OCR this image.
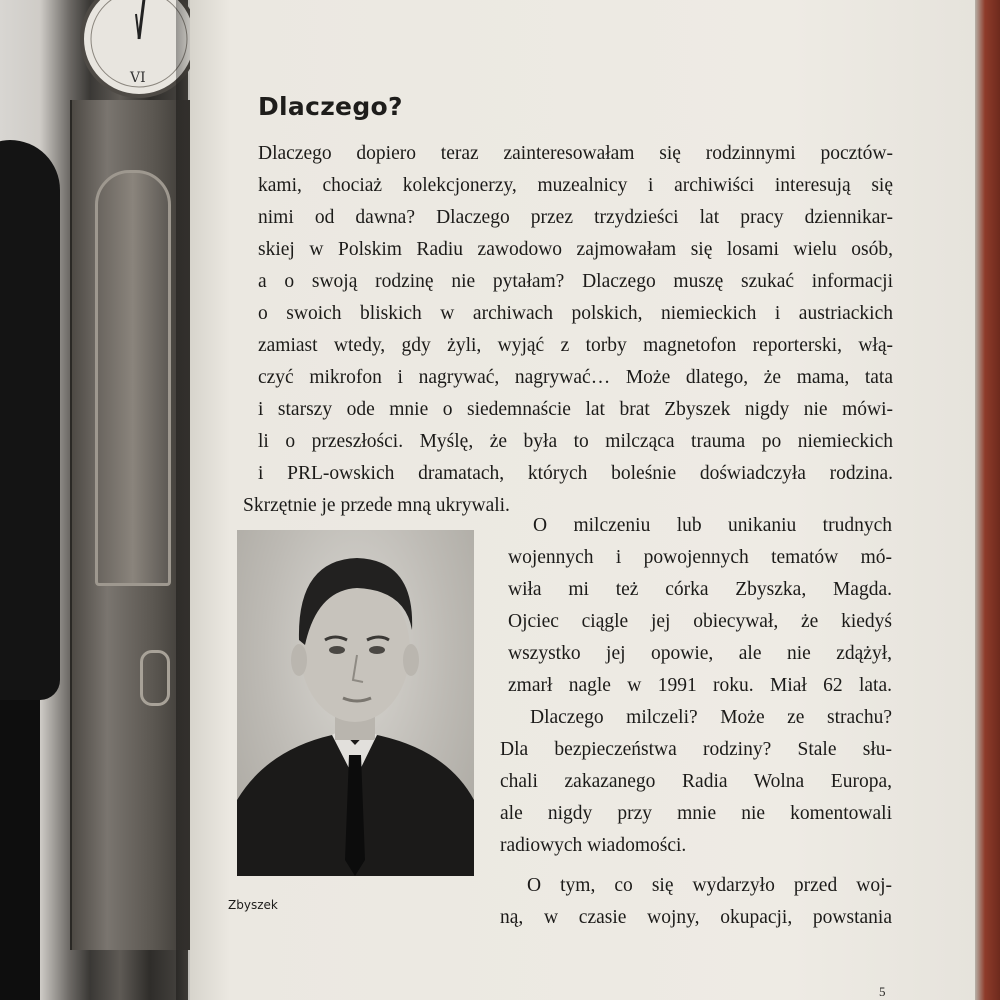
VI
Dlaczego?
Dlaczego dopiero teraz zainteresowałam się rodzinnymi pocztów-
kami, chociaż kolekcjonerzy, muzealnicy i archiwiści interesują się
nimi od dawna? Dlaczego przez trzydzieści lat pracy dziennikar-
skiej w Polskim Radiu zawodowo zajmowałam się losami wielu osób,
a o swoją rodzinę nie pytałam? Dlaczego muszę szukać informacji
o swoich bliskich w archiwach polskich, niemieckich i austriackich
zamiast wtedy, gdy żyli, wyjąć z torby magnetofon reporterski, włą-
czyć mikrofon i nagrywać, nagrywać… Może dlatego, że mama, tata
i starszy ode mnie o siedemnaście lat brat Zbyszek nigdy nie mówi-
li o przeszłości. Myślę, że była to milcząca trauma po niemieckich
i PRL-owskich dramatach, których boleśnie doświadczyła rodzina.
Skrzętnie je przede mną ukrywali.
Zbyszek
O milczeniu lub unikaniu trudnych
wojennych i powojennych tematów mó-
wiła mi też córka Zbyszka, Magda.
Ojciec ciągle jej obiecywał, że kiedyś
wszystko jej opowie, ale nie zdążył,
zmarł nagle w 1991 roku. Miał 62 lata.
Dlaczego milczeli? Może ze strachu?
Dla bezpieczeństwa rodziny? Stale słu-
chali zakazanego Radia Wolna Europa,
ale nigdy przy mnie nie komentowali
radiowych wiadomości.
O tym, co się wydarzyło przed woj-
ną, w czasie wojny, okupacji, powstania
5
